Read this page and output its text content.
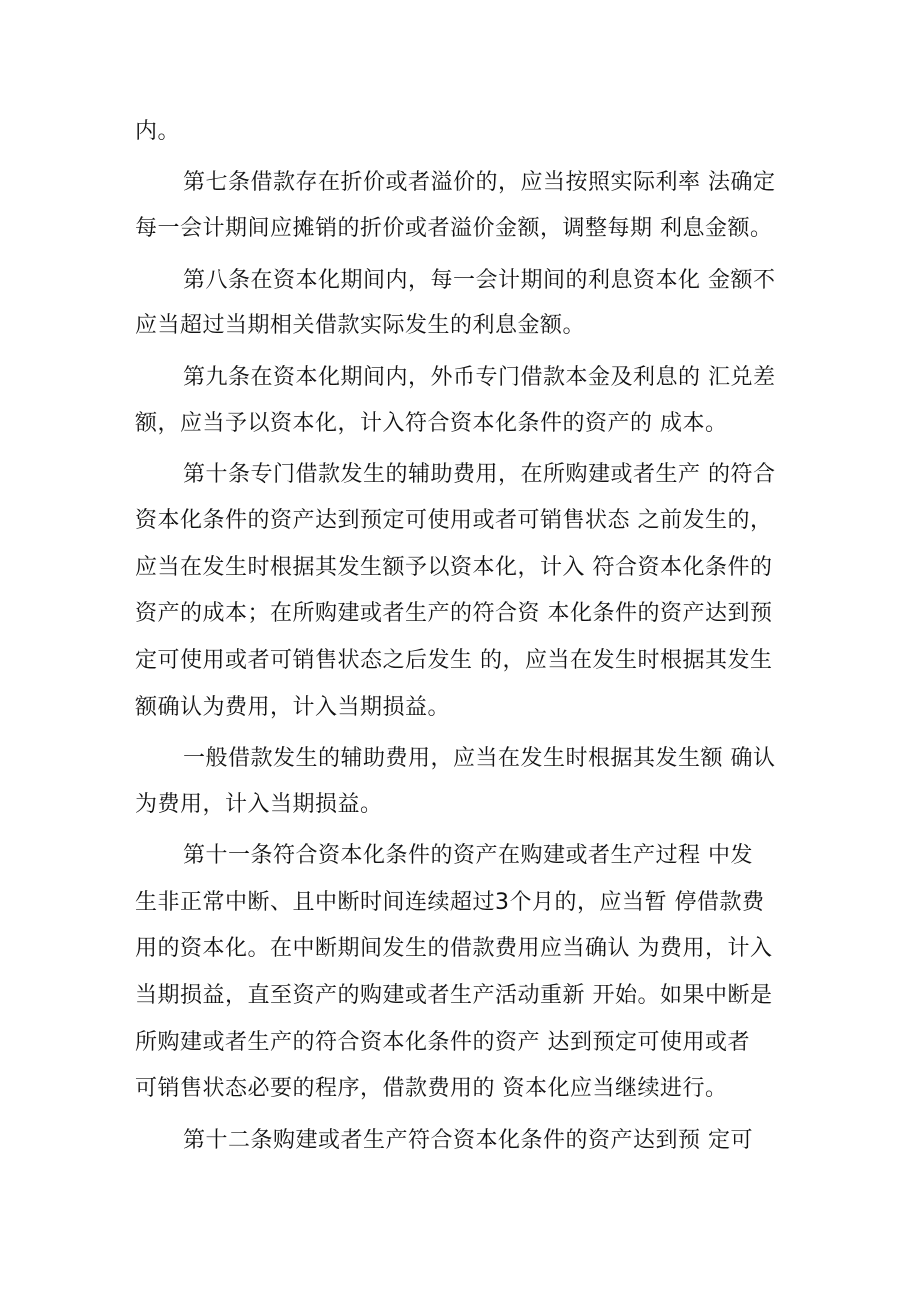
内。
第七条借款存在折价或者溢价的，应当按照实际利率 法确定
每一会计期间应摊销的折价或者溢价金额，调整每期 利息金额。
第八条在资本化期间内，每一会计期间的利息资本化 金额不
应当超过当期相关借款实际发生的利息金额。
第九条在资本化期间内，外币专门借款本金及利息的 汇兑差
额，应当予以资本化，计入符合资本化条件的资产的 成本。
第十条专门借款发生的辅助费用，在所购建或者生产 的符合
资本化条件的资产达到预定可使用或者可销售状态 之前发生的，
应当在发生时根据其发生额予以资本化，计入 符合资本化条件的
资产的成本；在所购建或者生产的符合资 本化条件的资产达到预
定可使用或者可销售状态之后发生 的，应当在发生时根据其发生
额确认为费用，计入当期损益。
一般借款发生的辅助费用，应当在发生时根据其发生额 确认
为费用，计入当期损益。
第十一条符合资本化条件的资产在购建或者生产过程 中发
生非正常中断、且中断时间连续超过3个月的，应当暂 停借款费
用的资本化。在中断期间发生的借款费用应当确认 为费用，计入
当期损益，直至资产的购建或者生产活动重新 开始。如果中断是
所购建或者生产的符合资本化条件的资产 达到预定可使用或者
可销售状态必要的程序，借款费用的 资本化应当继续进行。
第十二条购建或者生产符合资本化条件的资产达到预 定可
